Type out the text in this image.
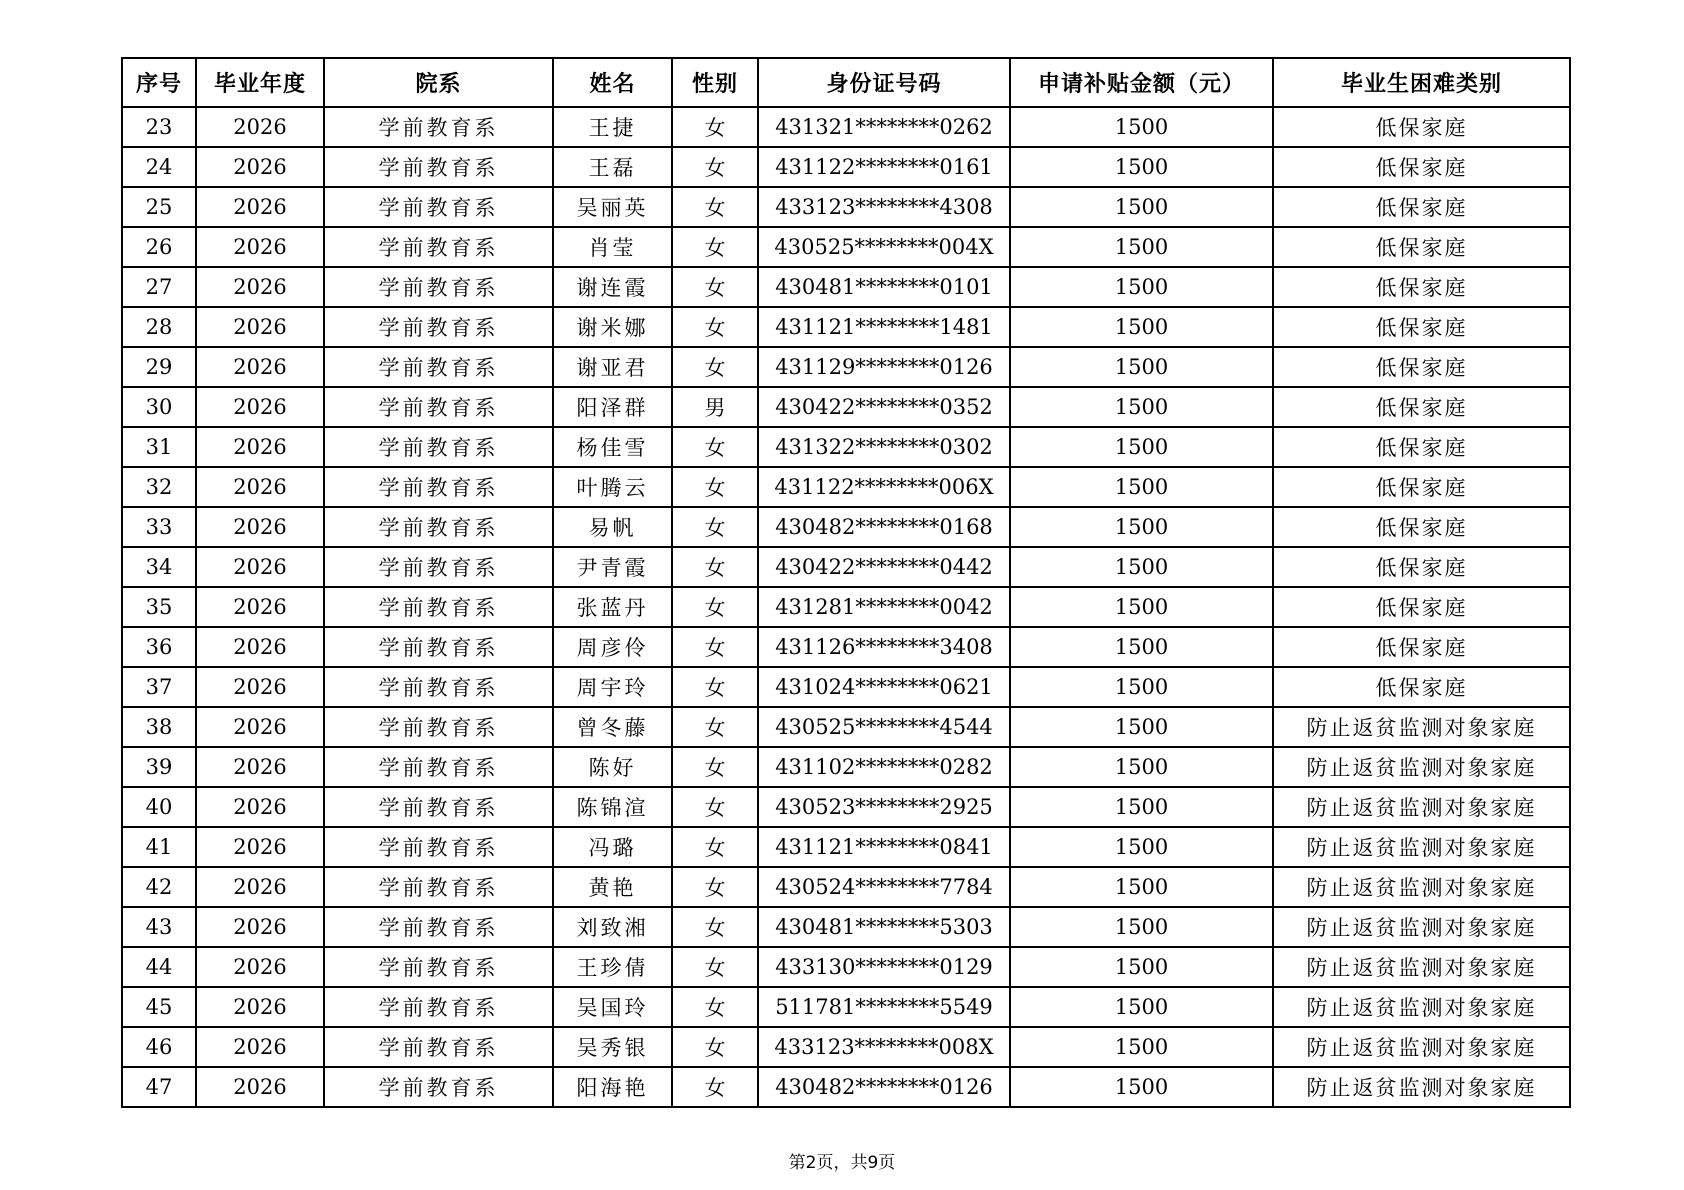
序号	毕业年度	院系	姓名	性别	身份证号码	申请补贴金额（元）	毕业生困难类别
23	2026	学前教育系	王捷	女	431321********0262	1500	低保家庭
24	2026	学前教育系	王磊	女	431122********0161	1500	低保家庭
25	2026	学前教育系	吴丽英	女	433123********4308	1500	低保家庭
26	2026	学前教育系	肖莹	女	430525********004X	1500	低保家庭
27	2026	学前教育系	谢连霞	女	430481********0101	1500	低保家庭
28	2026	学前教育系	谢米娜	女	431121********1481	1500	低保家庭
29	2026	学前教育系	谢亚君	女	431129********0126	1500	低保家庭
30	2026	学前教育系	阳泽群	男	430422********0352	1500	低保家庭
31	2026	学前教育系	杨佳雪	女	431322********0302	1500	低保家庭
32	2026	学前教育系	叶腾云	女	431122********006X	1500	低保家庭
33	2026	学前教育系	易帆	女	430482********0168	1500	低保家庭
34	2026	学前教育系	尹青霞	女	430422********0442	1500	低保家庭
35	2026	学前教育系	张蓝丹	女	431281********0042	1500	低保家庭
36	2026	学前教育系	周彦伶	女	431126********3408	1500	低保家庭
37	2026	学前教育系	周宇玲	女	431024********0621	1500	低保家庭
38	2026	学前教育系	曾冬藤	女	430525********4544	1500	防止返贫监测对象家庭
39	2026	学前教育系	陈好	女	431102********0282	1500	防止返贫监测对象家庭
40	2026	学前教育系	陈锦渲	女	430523********2925	1500	防止返贫监测对象家庭
41	2026	学前教育系	冯璐	女	431121********0841	1500	防止返贫监测对象家庭
42	2026	学前教育系	黄艳	女	430524********7784	1500	防止返贫监测对象家庭
43	2026	学前教育系	刘致湘	女	430481********5303	1500	防止返贫监测对象家庭
44	2026	学前教育系	王珍倩	女	433130********0129	1500	防止返贫监测对象家庭
45	2026	学前教育系	吴国玲	女	511781********5549	1500	防止返贫监测对象家庭
46	2026	学前教育系	吴秀银	女	433123********008X	1500	防止返贫监测对象家庭
47	2026	学前教育系	阳海艳	女	430482********0126	1500	防止返贫监测对象家庭
第2页，共9页
